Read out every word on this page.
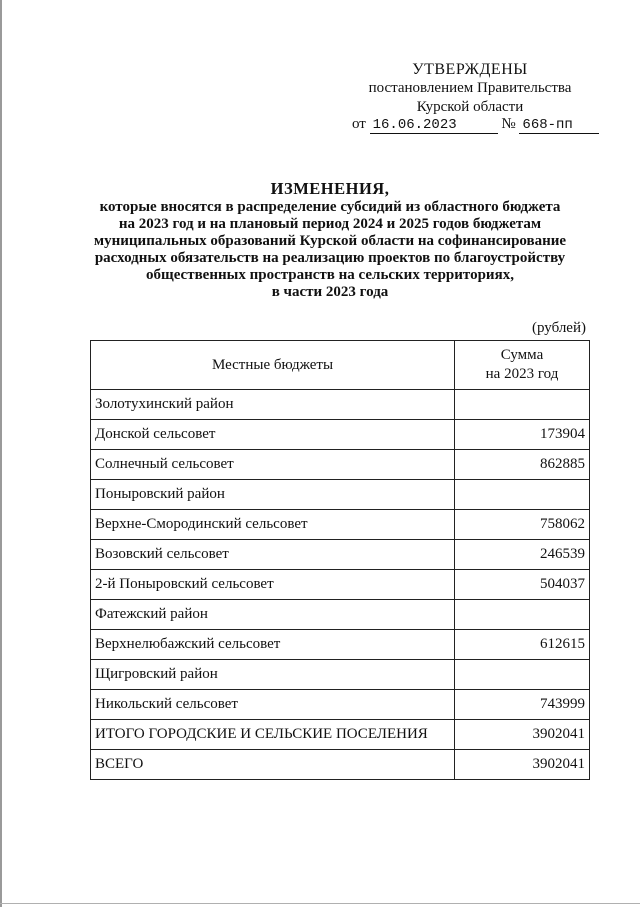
УТВЕРЖДЕНЫ
постановлением Правительства
Курской области
от 16.06.2023	№ 668-пп
ИЗМЕНЕНИЯ,
которые вносятся в распределение субсидий из областного бюджета
на 2023 год и на плановый период 2024 и 2025 годов бюджетам
муниципальных образований Курской области на софинансирование
расходных обязательств на реализацию проектов по благоустройству
общественных пространств на сельских территориях,
в части 2023 года
(рублей)
Местные бюджеты	Сумма
на 2023 год

Золотухинский район	
Донской сельсовет	173904
Солнечный сельсовет	862885
Поныровский район	
Верхне-Смородинский сельсовет	758062
Возовский сельсовет	246539
2-й Поныровский сельсовет	504037
Фатежский район	
Верхнелюбажский сельсовет	612615
Щигровский район	
Никольский сельсовет	743999
ИТОГО ГОРОДСКИЕ И СЕЛЬСКИЕ ПОСЕЛЕНИЯ	3902041
ВСЕГО	3902041
